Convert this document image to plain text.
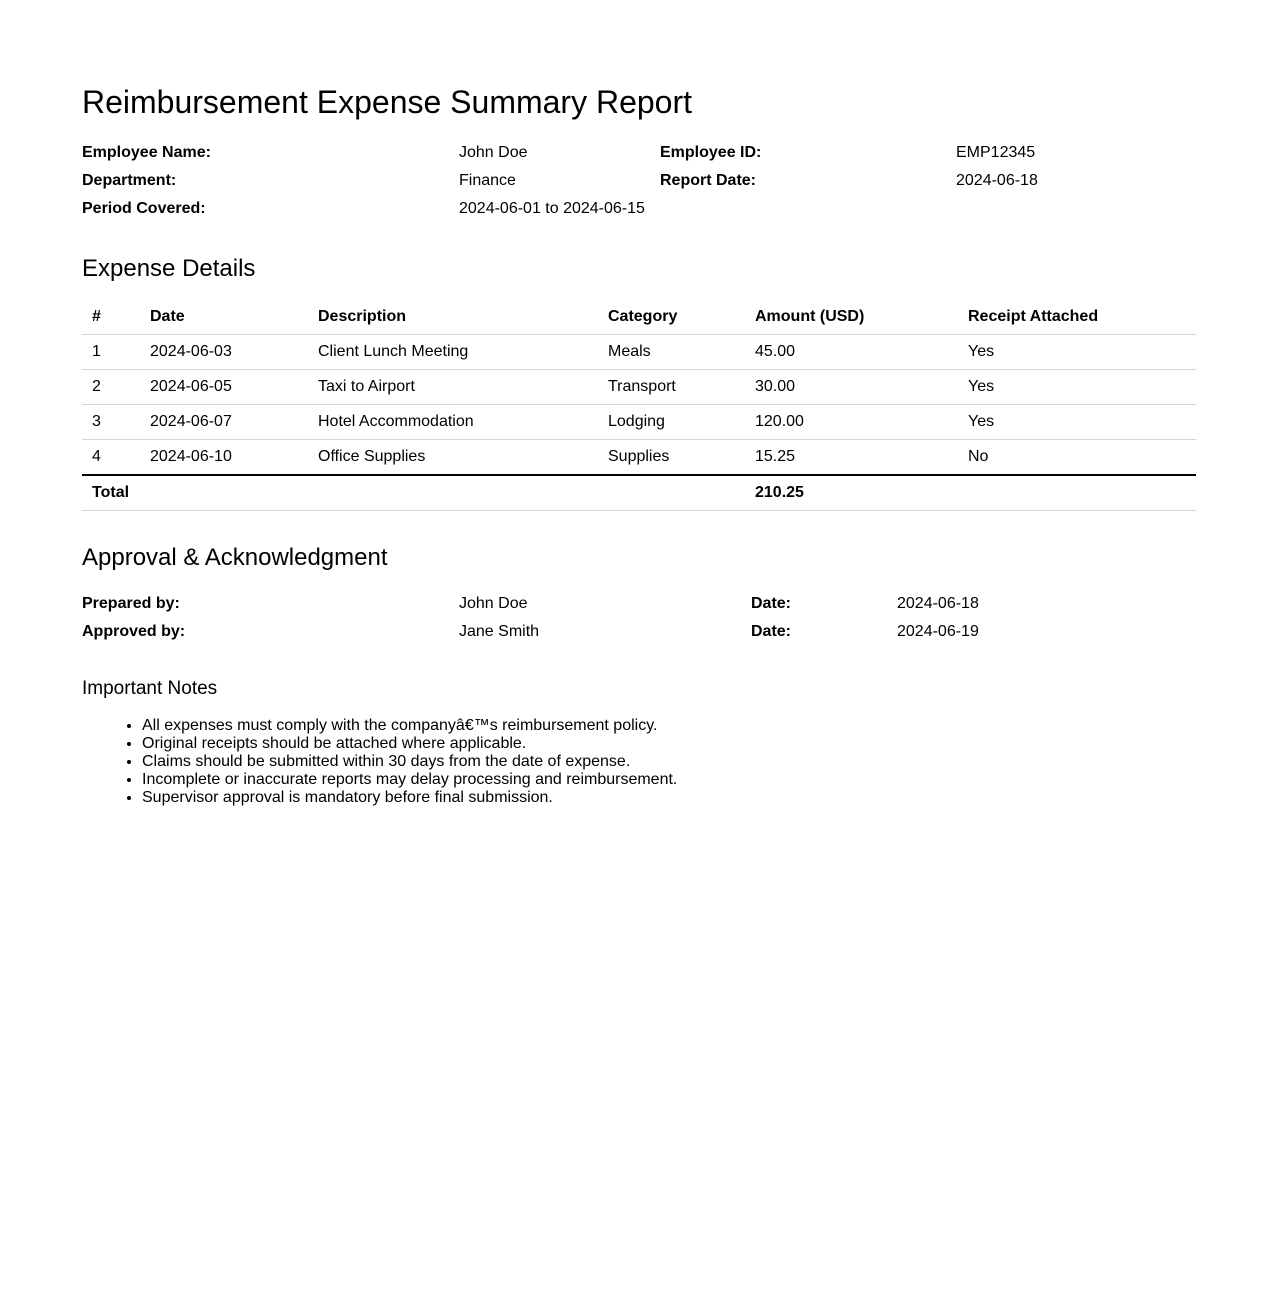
Reimbursement Expense Summary Report
Employee Name:	John Doe	Employee ID:	EMP12345
Department:	Finance	Report Date:	2024-06-18
Period Covered:	2024-06-01 to 2024-06-15
Expense Details
#	Date	Description	Category	Amount (USD)	Receipt Attached
1	2024-06-03	Client Lunch Meeting	Meals	45.00	Yes
2	2024-06-05	Taxi to Airport	Transport	30.00	Yes
3	2024-06-07	Hotel Accommodation	Lodging	120.00	Yes
4	2024-06-10	Office Supplies	Supplies	15.25	No
Total				210.25	
Approval & Acknowledgment
Prepared by:	John Doe	Date:	2024-06-18
Approved by:	Jane Smith	Date:	2024-06-19
Important Notes
• All expenses must comply with the companyâ€™s reimbursement policy.
• Original receipts should be attached where applicable.
• Claims should be submitted within 30 days from the date of expense.
• Incomplete or inaccurate reports may delay processing and reimbursement.
• Supervisor approval is mandatory before final submission.
